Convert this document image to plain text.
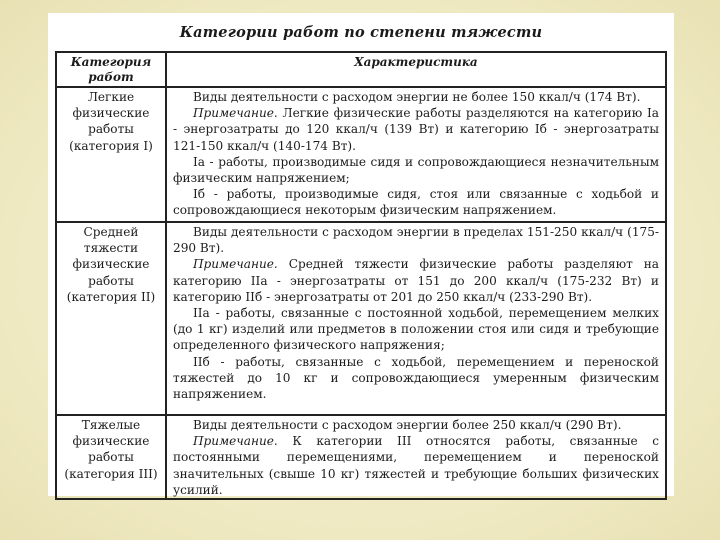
Категории работ по степени тяжести
Категория работ	Характеристика
Легкие физические работы (категория I)	Виды деятельности с расходом энергии не более 150 ккал/ч (174 Вт).
Примечание. Легкие физические работы разделяются на категорию Iа - энергозатраты до 120 ккал/ч (139 Вт) и категорию Iб - энергозатраты 121-150 ккал/ч (140-174 Вт).
Iа - работы, производимые сидя и сопровождающиеся незначительным физическим напряжением;
Iб - работы, производимые сидя, стоя или связанные с ходьбой и сопровождающиеся некоторым физическим напряжением.

Средней тяжести физические работы (категория II)	Виды деятельности с расходом энергии в пределах 151-250 ккал/ч (175-290 Вт).
Примечание. Средней тяжести физические работы разделяют на категорию IIа - энергозатраты от 151 до 200 ккал/ч (175-232 Вт) и категорию IIб - энергозатраты от 201 до 250 ккал/ч (233-290 Вт).
IIа - работы, связанные с постоянной ходьбой, перемещением мелких (до 1 кг) изделий или предметов в положении стоя или сидя и требующие определенного физического напряжения;
IIб - работы, связанные с ходьбой, перемещением и переноской тяжестей до 10 кг и сопровождающиеся умеренным физическим напряжением.

Тяжелые физические работы (категория III)	Виды деятельности с расходом энергии более 250 ккал/ч (290 Вт).
Примечание. К категории III относятся работы, связанные с постоянными перемещениями, перемещением и переноской значительных (свыше 10 кг) тяжестей и требующие больших физических усилий.
